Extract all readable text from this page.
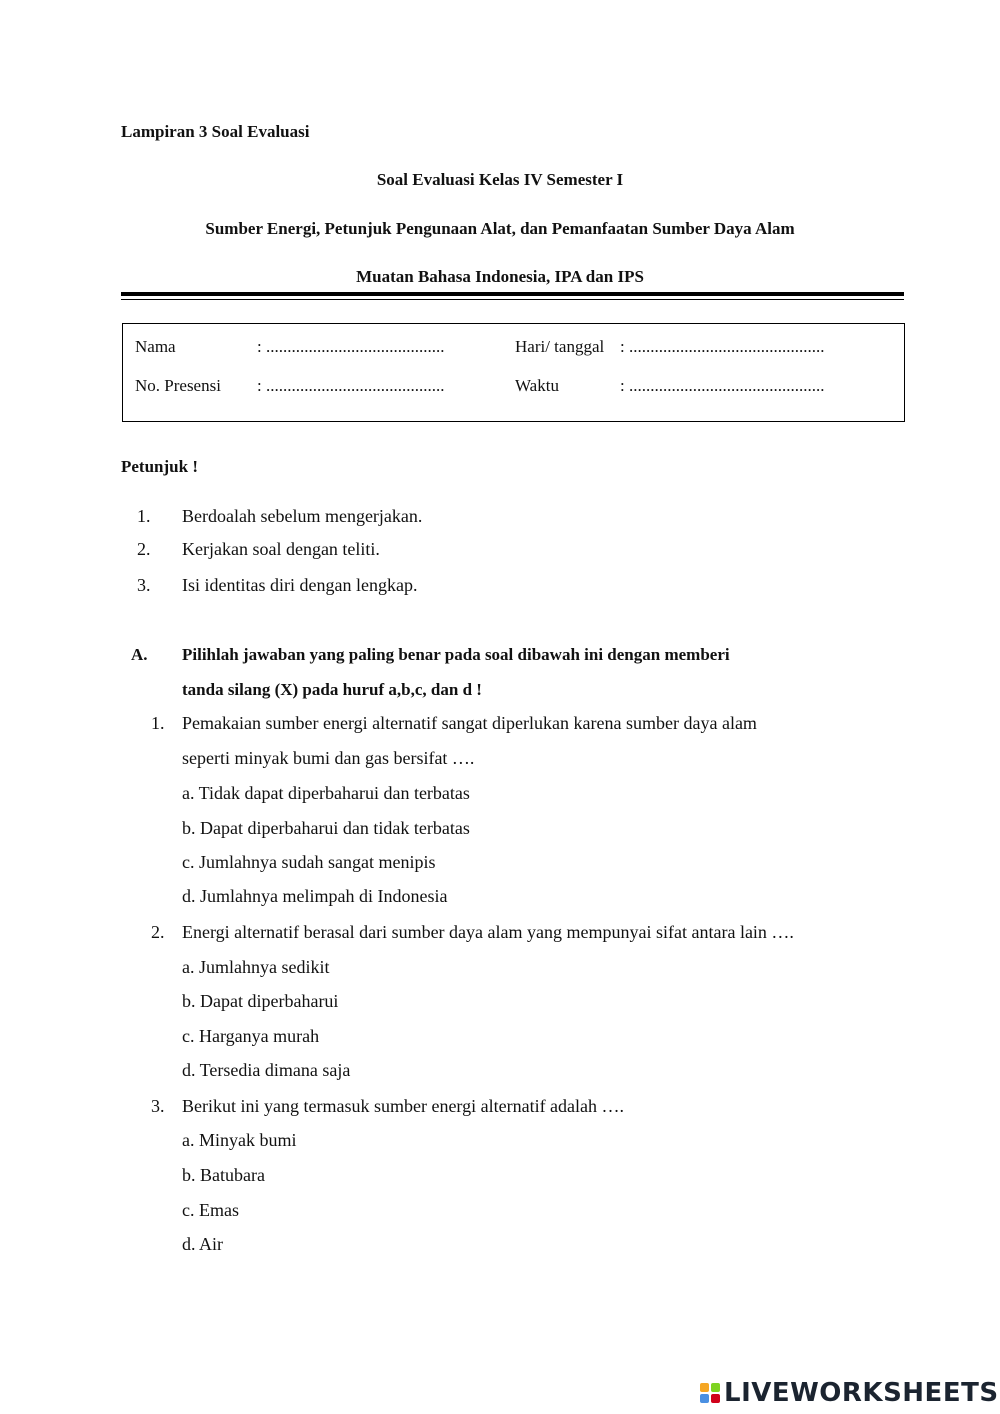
Lampiran 3 Soal Evaluasi
Soal Evaluasi Kelas IV Semester I
Sumber Energi, Petunjuk Pengunaan Alat, dan Pemanfaatan Sumber Daya Alam
Muatan Bahasa Indonesia, IPA dan IPS
Nama	: ..........................................	Hari/ tanggal : ..............................................
No. Presensi : ..........................................	Waktu	: ..............................................
Petunjuk !
1. Berdoalah sebelum mengerjakan.
2. Kerjakan soal dengan teliti.
3. Isi identitas diri dengan lengkap.
A. Pilihlah jawaban yang paling benar pada soal dibawah ini dengan memberi
tanda silang (X) pada huruf a,b,c, dan d !
1. Pemakaian sumber energi alternatif sangat diperlukan karena sumber daya alam
seperti minyak bumi dan gas bersifat ….
a. Tidak dapat diperbaharui dan terbatas
b. Dapat diperbaharui dan tidak terbatas
c. Jumlahnya sudah sangat menipis
d. Jumlahnya melimpah di Indonesia
2. Energi alternatif berasal dari sumber daya alam yang mempunyai sifat antara lain ….
a. Jumlahnya sedikit
b. Dapat diperbaharui
c. Harganya murah
d. Tersedia dimana saja
3. Berikut ini yang termasuk sumber energi alternatif adalah ….
a. Minyak bumi
b. Batubara
c. Emas
d. Air
LIVEWORKSHEETS
